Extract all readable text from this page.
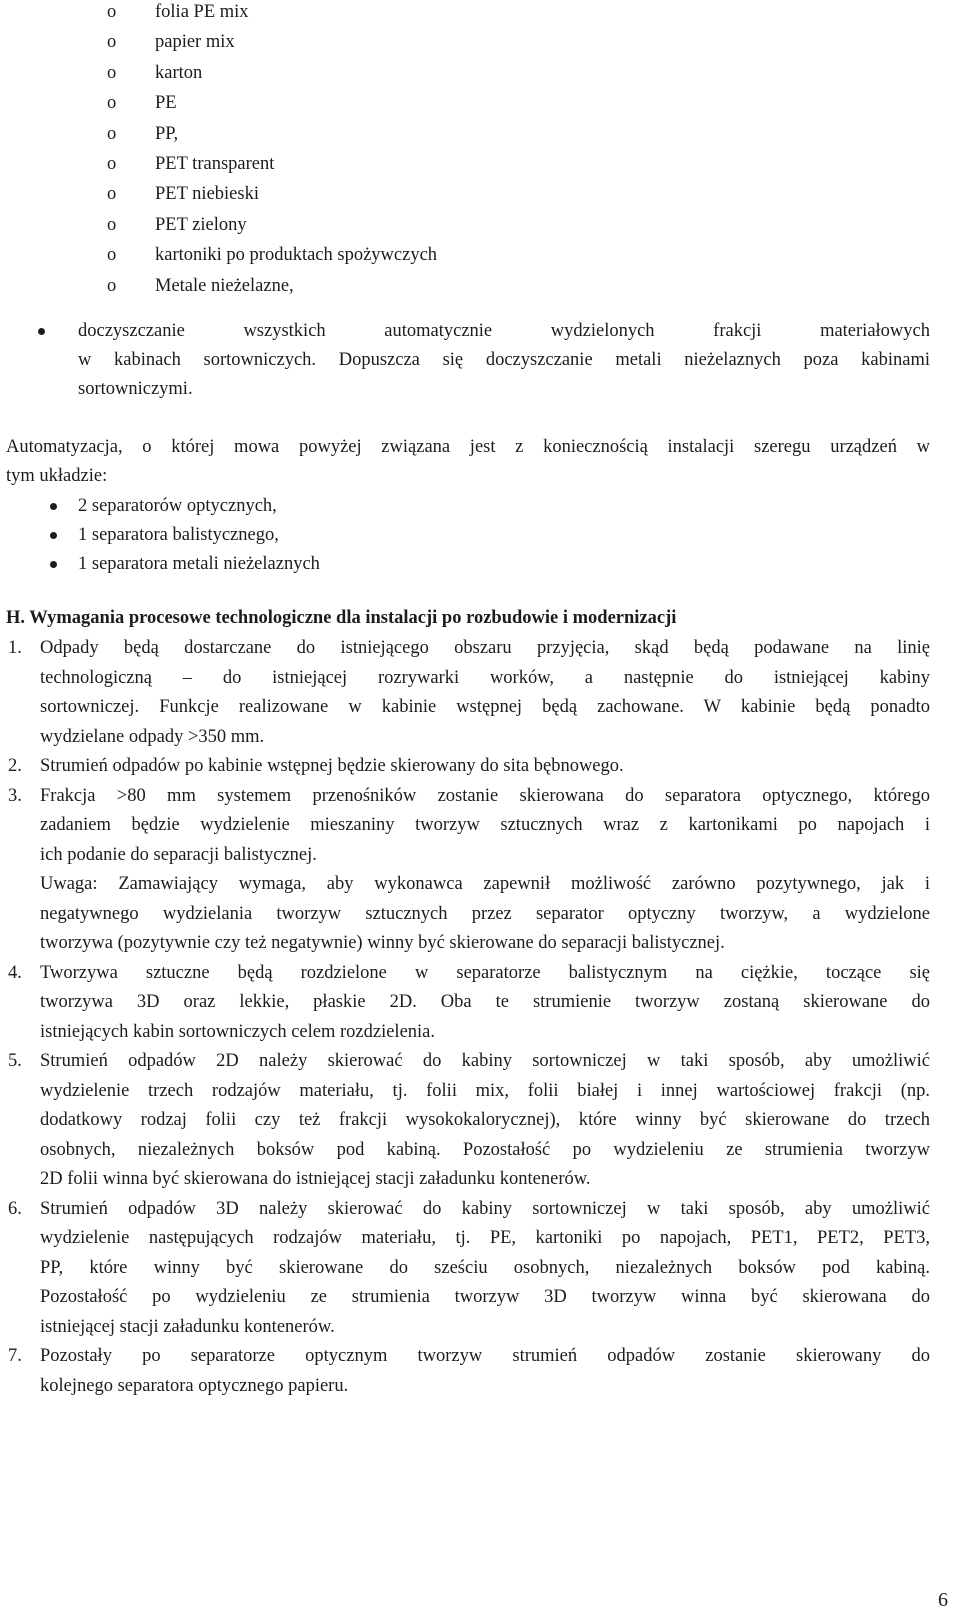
o folia PE mix
o papier mix
o karton
o PE
o PP,
o PET transparent
o PET niebieski
o PET zielony
o kartoniki po produktach spożywczych
o Metale nieżelazne,
doczyszczanie wszystkich automatycznie wydzielonych frakcji materiałowych
w kabinach sortowniczych. Dopuszcza się doczyszczanie metali nieżelaznych poza kabinami
sortowniczymi.
Automatyzacja, o której mowa powyżej związana jest z koniecznością instalacji szeregu urządzeń w
tym układzie:
2 separatorów optycznych,
1 separatora balistycznego,
1 separatora metali nieżelaznych
H. Wymagania procesowe technologiczne dla instalacji po rozbudowie i modernizacji
1. Odpady będą dostarczane do istniejącego obszaru przyjęcia, skąd będą podawane na linię
technologiczną – do istniejącej rozrywarki worków, a następnie do istniejącej kabiny
sortowniczej. Funkcje realizowane w kabinie wstępnej będą zachowane. W kabinie będą ponadto
wydzielane odpady >350 mm.
2. Strumień odpadów po kabinie wstępnej będzie skierowany do sita bębnowego.
3. Frakcja >80 mm systemem przenośników zostanie skierowana do separatora optycznego, którego
zadaniem będzie wydzielenie mieszaniny tworzyw sztucznych wraz z kartonikami po napojach i
ich podanie do separacji balistycznej.
Uwaga: Zamawiający wymaga, aby wykonawca zapewnił możliwość zarówno pozytywnego, jak i
negatywnego wydzielania tworzyw sztucznych przez separator optyczny tworzyw, a wydzielone
tworzywa (pozytywnie czy też negatywnie) winny być skierowane do separacji balistycznej.
4. Tworzywa sztuczne będą rozdzielone w separatorze balistycznym na ciężkie, toczące się
tworzywa 3D oraz lekkie, płaskie 2D. Oba te strumienie tworzyw zostaną skierowane do
istniejących kabin sortowniczych celem rozdzielenia.
5. Strumień odpadów 2D należy skierować do kabiny sortowniczej w taki sposób, aby umożliwić
wydzielenie trzech rodzajów materiału, tj. folii mix, folii białej i innej wartościowej frakcji (np.
dodatkowy rodzaj folii czy też frakcji wysokokalorycznej), które winny być skierowane do trzech
osobnych, niezależnych boksów pod kabiną. Pozostałość po wydzieleniu ze strumienia tworzyw
2D folii winna być skierowana do istniejącej stacji załadunku kontenerów.
6. Strumień odpadów 3D należy skierować do kabiny sortowniczej w taki sposób, aby umożliwić
wydzielenie następujących rodzajów materiału, tj. PE, kartoniki po napojach, PET1, PET2, PET3,
PP, które winny być skierowane do sześciu osobnych, niezależnych boksów pod kabiną.
Pozostałość po wydzieleniu ze strumienia tworzyw 3D tworzyw winna być skierowana do
istniejącej stacji załadunku kontenerów.
7. Pozostały po separatorze optycznym tworzyw strumień odpadów zostanie skierowany do
kolejnego separatora optycznego papieru.
6
